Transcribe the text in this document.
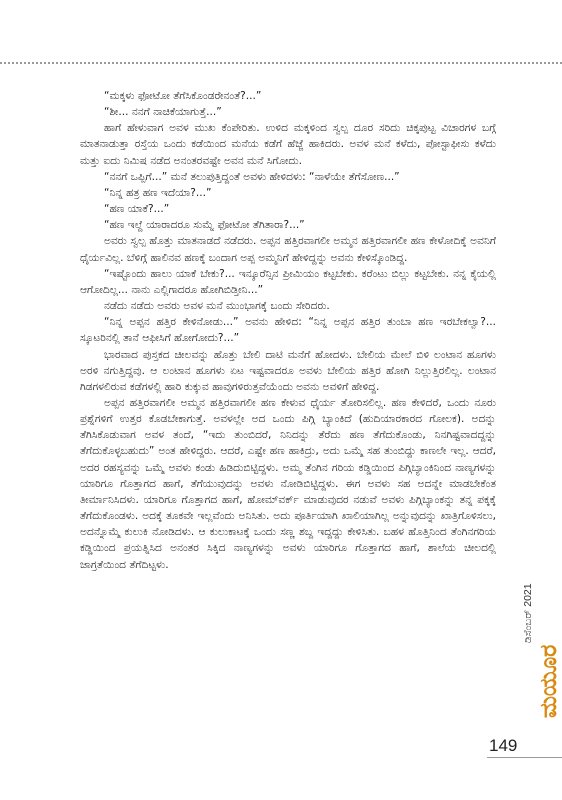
“ಮಕ್ಕಳು ಫೋಟೋ ತೆಗೆಸಿಕೊಂಡರೇನಂತೆ?...”

“ಶೀ... ನನಗೆ ನಾಚಿಕೆಯಾಗುತ್ತೆ...”

ಹಾಗೆ ಹೇಳುವಾಗ ಅವಳ ಮುಖ ಕೆಂಪೇರಿತು. ಉಳಿದ ಮಕ್ಕಳಿಂದ ಸ್ವಲ್ಪ ದೂರ ಸರಿದು ಚಿಕ್ಕಪುಟ್ಟ ವಿಚಾರಗಳ ಬಗ್ಗೆ ಮಾತನಾಡುತ್ತಾ ರಸ್ತೆಯ ಒಂದು ಕಡೆಯಿಂದ ಮನೆಯ ಕಡೆಗೆ ಹೆಜ್ಜೆ ಹಾಕಿದರು. ಅವಳ ಮನೆ ಕಳೆದು, ಪೋಸ್ಟಾಫೀಸು ಕಳೆದು ಮತ್ತು ಐದು ನಿಮಿಷ ನಡೆದ ಅನಂತರವಷ್ಟೇ ಅವನ ಮನೆ ಸಿಗೋದು.

“ನನಗೆ ಒಪ್ಪಿಗೆ...” ಮನೆ ತಲುಪುತ್ತಿದ್ದಂತೆ ಅವಳು ಹೇಳಿದಳು: “ನಾಳೆಯೇ ತೆಗೆಸೋಣ...”

“ನಿನ್ನ ಹತ್ರ ಹಣ ಇದೆಯಾ?...”

“ಹಣ ಯಾಕೆ?...”

“ಹಣ ಇಲ್ದೆ ಯಾರಾದರೂ ಸುಮ್ನೆ ಫೋಟೋ ತೆಗಿತಾರಾ?...”

ಅವರು ಸ್ವಲ್ಪ ಹೊತ್ತು ಮಾತನಾಡದೆ ನಡೆದರು. ಅಪ್ಪನ ಹತ್ತಿರವಾಗಲೀ ಅಮ್ಮನ ಹತ್ತಿರವಾಗಲೀ ಹಣ ಕೇಳೋದಿಕ್ಕೆ ಅವನಿಗೆ ಧೈರ್ಯವಿಲ್ಲ. ಬೆಳಿಗ್ಗೆ ಹಾಲಿನವ ಹಣಕ್ಕೆ ಬಂದಾಗ ಅಪ್ಪ ಅಮ್ಮನಿಗೆ ಹೇಳಿದ್ದನ್ನು ಅವನು ಕೇಳಿಸ್ಕೊಂಡಿದ್ದ.

“ಇಷ್ಟೊಂದು ಹಾಲು ಯಾಕೆ ಬೇಕು?... ಇನ್ಶೂರೆನ್ಸಿನ ಪ್ರೀಮಿಯಂ ಕಟ್ಟಬೇಕು. ಕರೆಂಟು ಬಿಲ್ಲು ಕಟ್ಟಬೇಕು. ನನ್ನ ಕೈಯಲ್ಲಿ ಆಗೋದಿಲ್ಲ... ನಾನು ಎಲ್ಲಿಗಾದರೂ ಹೋಗಿಬಿಡ್ತೀನಿ...”

ನಡೆದು ನಡೆದು ಅವರು ಅವಳ ಮನೆ ಮುಂಭಾಗಕ್ಕೆ ಬಂದು ಸೇರಿದರು.

“ನಿನ್ನ ಅಪ್ಪನ ಹತ್ತಿರ ಕೇಳಿನೋಡು...” ಅವನು ಹೇಳಿದ: “ನಿನ್ನ ಅಪ್ಪನ ಹತ್ತಿರ ತುಂಬಾ ಹಣ ಇರಬೇಕಲ್ವಾ?... ಸ್ಕೂಟರಿನಲ್ಲಿ ತಾನೆ ಆಫೀಸಿಗೆ ಹೋಗೋದು?...”

ಭಾರವಾದ ಪುಸ್ತಕದ ಚೀಲವನ್ನು ಹೊತ್ತು ಬೇಲಿ ದಾಟಿ ಮನೆಗೆ ಹೋದಳು. ಬೇಲಿಯ ಮೇಲೆ ಬಿಳಿ ಲಂಟಾನ ಹೂಗಳು ಅರಳಿ ನಗುತ್ತಿದ್ದವು. ಆ ಲಂಟಾನ ಹೂಗಳು ಏಟ ಇಷ್ಟವಾದರೂ ಅವಳು ಬೇಲಿಯ ಹತ್ತಿರ ಹೋಗಿ ನಿಲ್ಲುತ್ತಿರಲಿಲ್ಲ. ಲಂಟಾನ ಗಿಡಗಳಲಿರುವ ಕಡೆಗಳಲ್ಲಿ ಹಾರಿ ಕುಕ್ಕುವ ಹಾವುಗಳಿರುತ್ತವೆಯೆಂದು ಅವನು ಅವಳಿಗೆ ಹೇಳಿದ್ದ.

ಅಪ್ಪನ ಹತ್ತಿರವಾಗಲೀ ಅಮ್ಮನ ಹತ್ತಿರವಾಗಲೀ ಹಣ ಕೇಳುವ ಧೈರ್ಯ ತೋರಿಸಲಿಲ್ಲ. ಹಣ ಕೇಳಿದರೆ, ಒಂದು ನೂರು ಪ್ರಶ್ನೆಗಳಿಗೆ ಉತ್ತರ ಕೊಡಬೇಕಾಗುತ್ತೆ. ಅವಳಲ್ಲೇ ಅದ ಒಂದು ಪಿಗ್ಗಿ ಬ್ಯಾಂಕಿದೆ (ಹುದಿಯಾರಕಾರದ ಗೋಲಕ). ಅದನ್ನು ತೆಗಿಸಿಕೊಡುವಾಗ ಅವಳ ತಂದೆ, “ಇದು ತುಂಬಿದರೆ, ನಿನಿದನ್ನು ತೆರೆದು ಹಣ ತೆಗೆದುಕೊಂಡು, ನಿನಗಿಷ್ಟವಾದದ್ದನ್ನು ತೆಗೆದುಕೊಳ್ಳಬಹುದು” ಅಂತ ಹೇಳಿದ್ದರು. ಆದರೆ, ಎಷ್ಟೇ ಹಣ ಹಾಕಿದ್ರು, ಅದು ಒಮ್ಮೆ ಸಹ ತುಂಬಿದ್ದು ಕಾಣಲೇ ಇಲ್ಲ. ಆದರೆ, ಅದರ ರಹಸ್ಯವನ್ನು ಒಮ್ಮೆ ಅವಳು ಕಂಡು ಹಿಡಿದುಬಿಟ್ಟಿದ್ದಳು. ಅಮ್ಮ ತೆಂಗಿನ ಗರಿಯ ಕಡ್ಡಿಯಿಂದ ಪಿಗ್ಗಿಬ್ಯಾಂಕಿನಿಂದ ನಾಣ್ಯಗಳನ್ನು ಯಾರಿಗೂ ಗೊತ್ತಾಗದ ಹಾಗೆ, ತೆಗೆಯುವುದನ್ನು ಅವಳು ನೋಡಿಬಿಟ್ಟಿದ್ದಳು. ಈಗ ಅವಳು ಸಹ ಅದನ್ನೇ ಮಾಡಬೇಕೆಂತ ತೀರ್ಮಾನಿಸಿದಳು. ಯಾರಿಗೂ ಗೊತ್ತಾಗದ ಹಾಗೆ, ಹೋಮ್‌ವರ್ಕ್ ಮಾಡುವುದರ ನಡುವೆ ಅವಳು ಪಿಗ್ಗಿಬ್ಯಾಂಕನ್ನು ತನ್ನ ಪಕ್ಕಕ್ಕೆ ತೆಗೆದುಕೊಂಡಳು. ಅದಕ್ಕೆ ತೂಕವೇ ಇಲ್ಲವೆಂದು ಅನಿಸಿತು. ಅದು ಪೂರ್ತಿಯಾಗಿ ಖಾಲಿಯಾಗಿಲ್ಲ ಅನ್ನುವುದನ್ನು ಖಾತ್ರಿಗೊಳಿಸಲು, ಅದನ್ನೊಮ್ಮೆ ಕುಲುಕಿ ನೋಡಿದಳು. ಆ ಕುಲುಕಾಟಕ್ಕೆ ಒಂದು ಸಣ್ಣ ಶಬ್ದ ಇದ್ದದ್ದು ಕೇಳಿಸಿತು. ಬಹಳ ಹೊತ್ತಿನಿಂದ ತೆಂಗಿನಗರಿಯ ಕಡ್ಡಿಯಿಂದ ಪ್ರಯತ್ನಿಸಿದ ಅನಂತರ ಸಿಕ್ಕಿದ ನಾಣ್ಯಗಳನ್ನು ಅವಳು ಯಾರಿಗೂ ಗೊತ್ತಾಗದ ಹಾಗೆ, ಶಾಲೆಯ ಚೀಲದಲ್ಲಿ ಜಾಗ್ರತೆಯಿಂದ ತೆಗೆದಿಟ್ಟಳು.

ಡಿಸೆಂಬರ್ 2021
ಮಯೂರ
149
